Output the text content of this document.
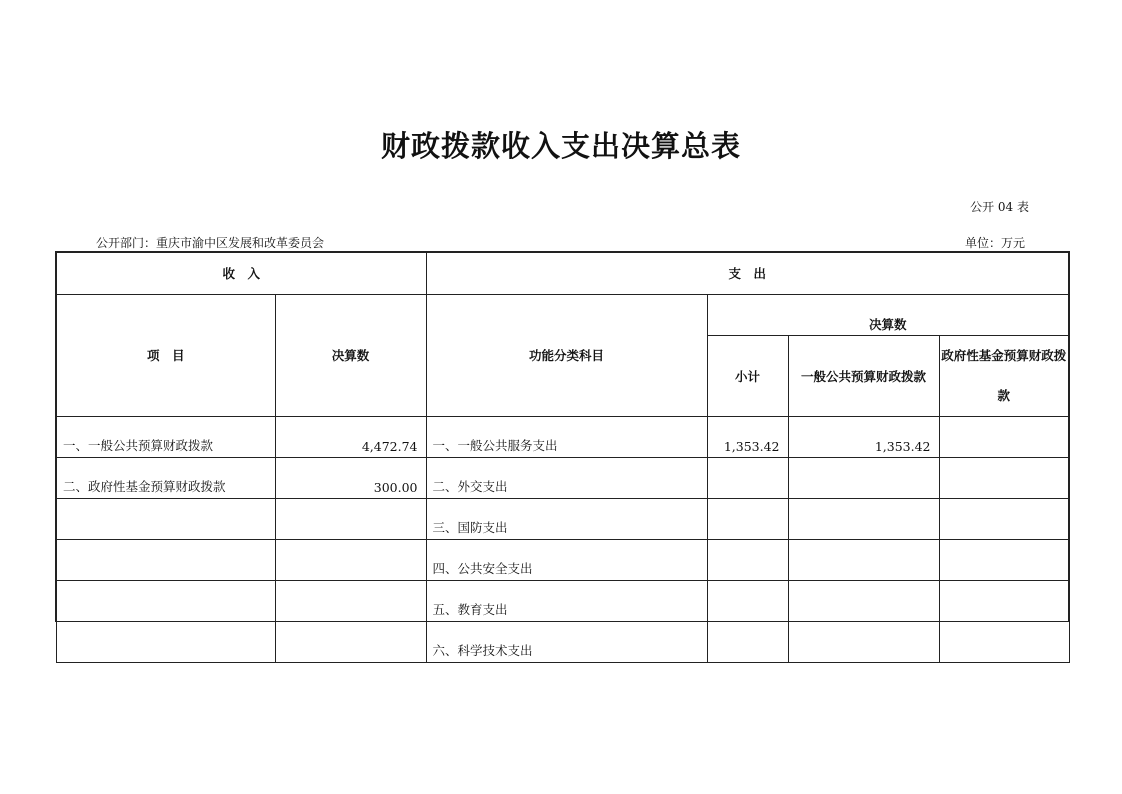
财政拨款收入支出决算总表
公开 04 表
公开部门：重庆市渝中区发展和改革委员会	单位：万元
收　入		支　出			
项　目	决算数	功能分类科目	决算数		
			小计	一般公共预算财政拨款	政府性基金预算财政拨款
一、一般公共预算财政拨款	4,472.74	一、一般公共服务支出	1,353.42	1,353.42	
二、政府性基金预算财政拨款	300.00	二、外交支出			
		三、国防支出			
		四、公共安全支出			
		五、教育支出			
		六、科学技术支出			
